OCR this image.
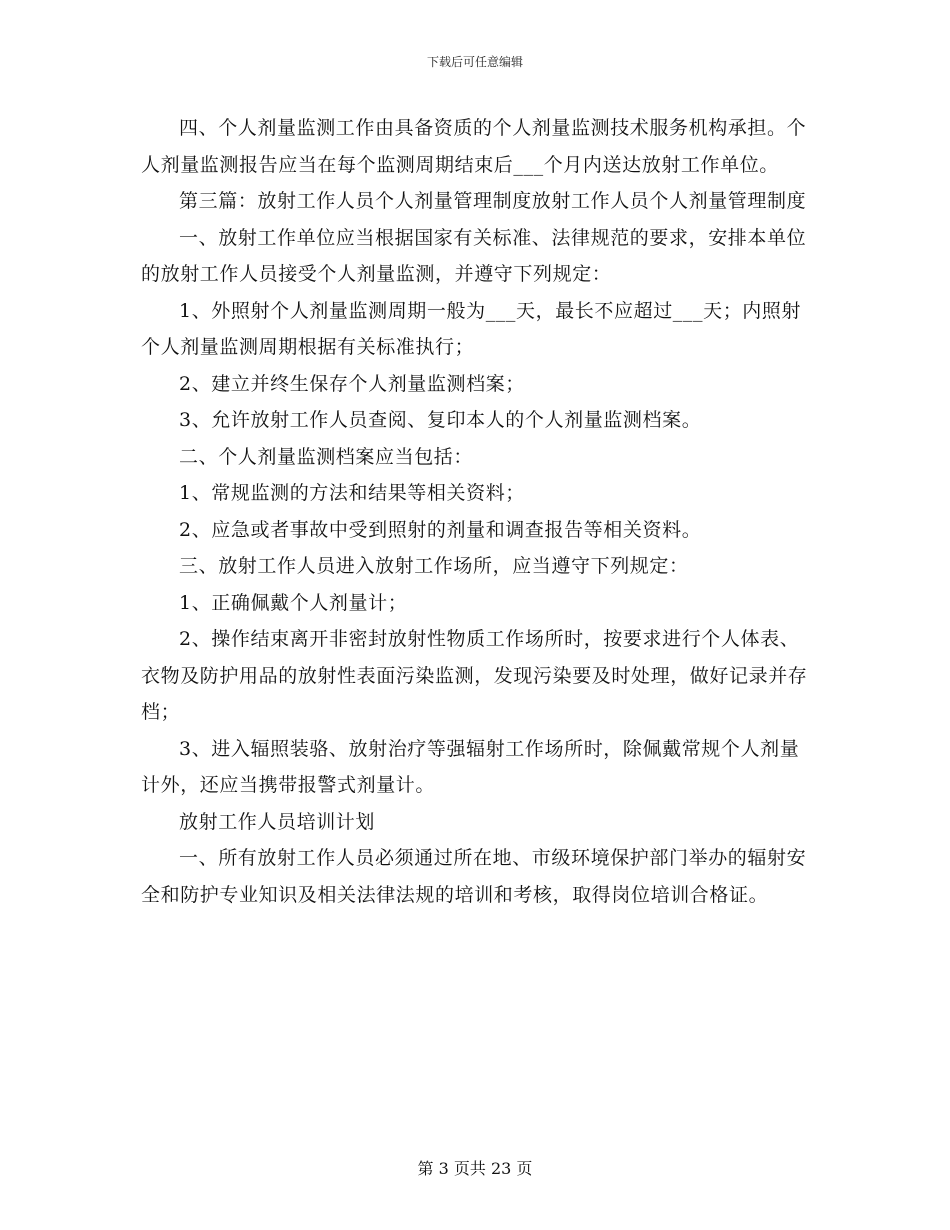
下载后可任意编辑

四、个人剂量监测工作由具备资质的个人剂量监测技术服务机构承担。个人剂量监测报告应当在每个监测周期结束后___个月内送达放射工作单位。

第三篇：放射工作人员个人剂量管理制度放射工作人员个人剂量管理制度

一、放射工作单位应当根据国家有关标准、法律规范的要求，安排本单位的放射工作人员接受个人剂量监测，并遵守下列规定：

1、外照射个人剂量监测周期一般为___天，最长不应超过___天；内照射个人剂量监测周期根据有关标准执行；

2、建立并终生保存个人剂量监测档案；

3、允许放射工作人员查阅、复印本人的个人剂量监测档案。

二、个人剂量监测档案应当包括：

1、常规监测的方法和结果等相关资料；

2、应急或者事故中受到照射的剂量和调查报告等相关资料。

三、放射工作人员进入放射工作场所，应当遵守下列规定：

1、正确佩戴个人剂量计；

2、操作结束离开非密封放射性物质工作场所时，按要求进行个人体表、衣物及防护用品的放射性表面污染监测，发现污染要及时处理，做好记录并存档；

3、进入辐照装骆、放射治疗等强辐射工作场所时，除佩戴常规个人剂量计外，还应当携带报警式剂量计。

放射工作人员培训计划

一、所有放射工作人员必须通过所在地、市级环境保护部门举办的辐射安全和防护专业知识及相关法律法规的培训和考核，取得岗位培训合格证。

第 3 页共 23 页
